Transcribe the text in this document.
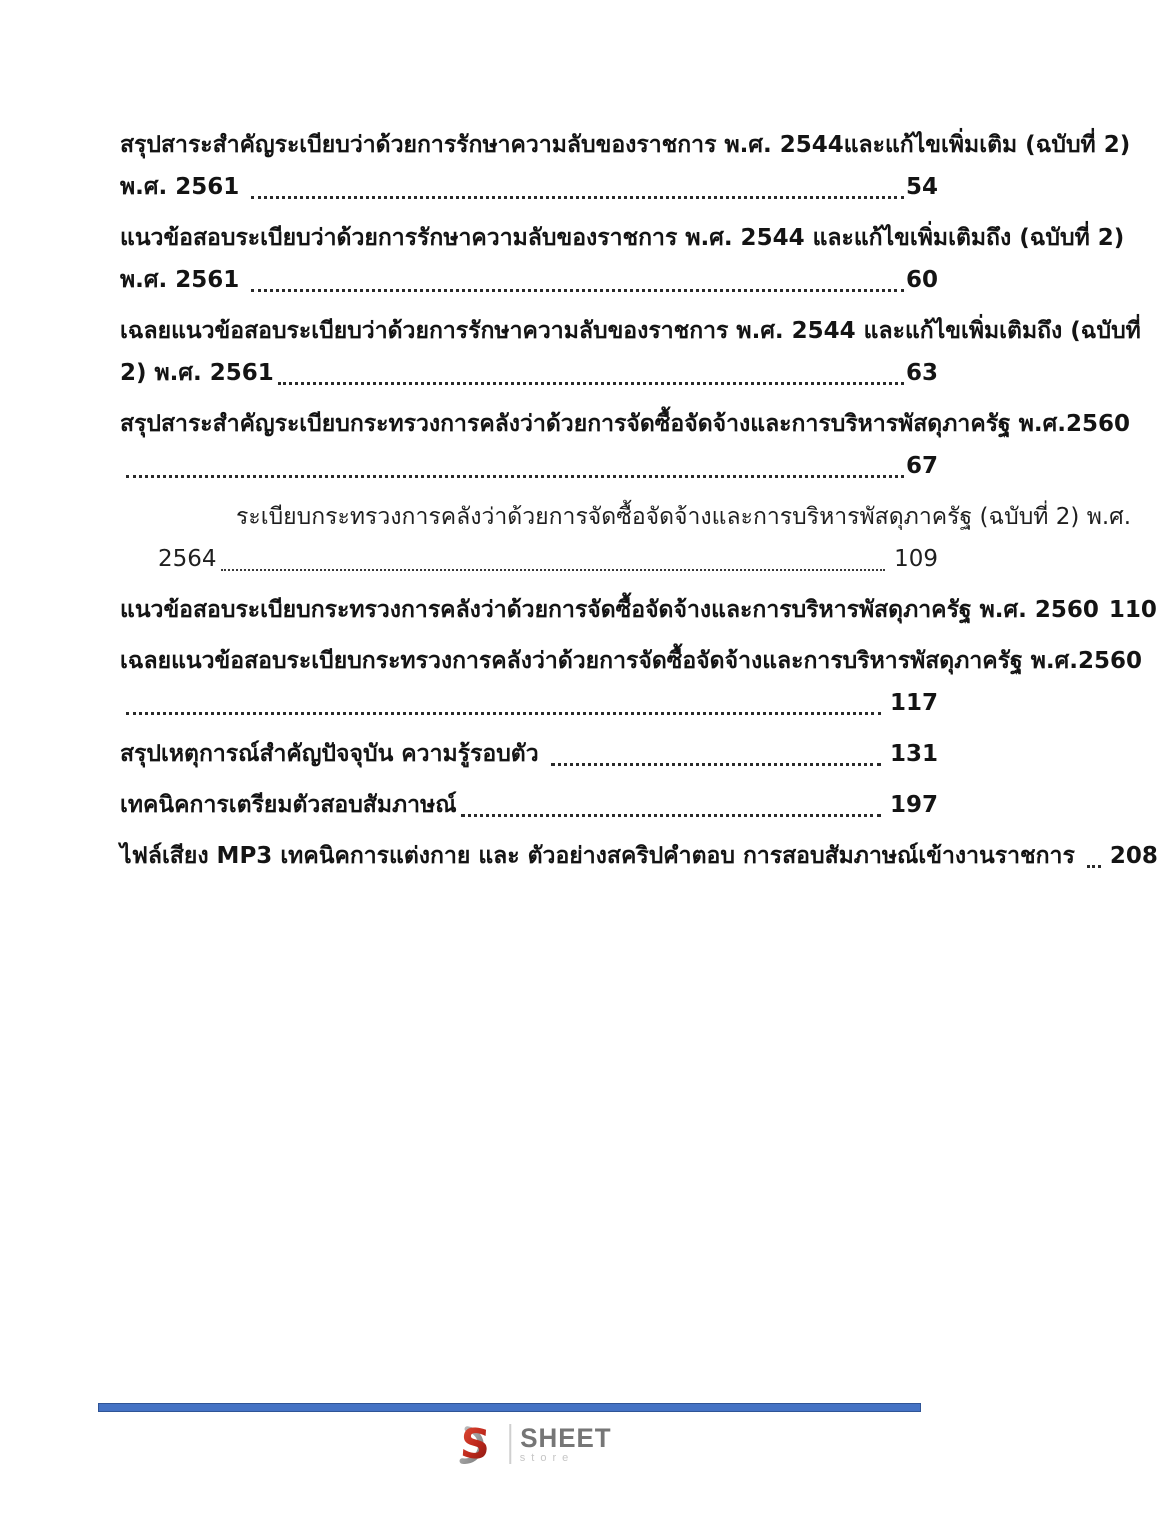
สรุปสาระสำคัญระเบียบว่าด้วยการรักษาความลับของราชการ พ.ศ. 2544และแก้ไขเพิ่มเติม (ฉบับที่ 2)
พ.ศ. 2561	54
แนวข้อสอบระเบียบว่าด้วยการรักษาความลับของราชการ พ.ศ. 2544 และแก้ไขเพิ่มเติมถึง (ฉบับที่ 2)
พ.ศ. 2561	60
เฉลยแนวข้อสอบระเบียบว่าด้วยการรักษาความลับของราชการ พ.ศ. 2544 และแก้ไขเพิ่มเติมถึง (ฉบับที่
2) พ.ศ. 2561	63
สรุปสาระสำคัญระเบียบกระทรวงการคลังว่าด้วยการจัดซื้อจัดจ้างและการบริหารพัสดุภาครัฐ พ.ศ.2560
67
ระเบียบกระทรวงการคลังว่าด้วยการจัดซื้อจัดจ้างและการบริหารพัสดุภาครัฐ (ฉบับที่ 2) พ.ศ.
2564	109
แนวข้อสอบระเบียบกระทรวงการคลังว่าด้วยการจัดซื้อจัดจ้างและการบริหารพัสดุภาครัฐ พ.ศ. 2560 110
เฉลยแนวข้อสอบระเบียบกระทรวงการคลังว่าด้วยการจัดซื้อจัดจ้างและการบริหารพัสดุภาครัฐ พ.ศ.2560
117
สรุปเหตุการณ์สำคัญปัจจุบัน ความรู้รอบตัว	131
เทคนิคการเตรียมตัวสอบสัมภาษณ์	197
ไฟล์เสียง MP3 เทคนิคการแต่งกาย และ ตัวอย่างสคริปคำตอบ การสอบสัมภาษณ์เข้างานราชการ 208
S SHEET
store
